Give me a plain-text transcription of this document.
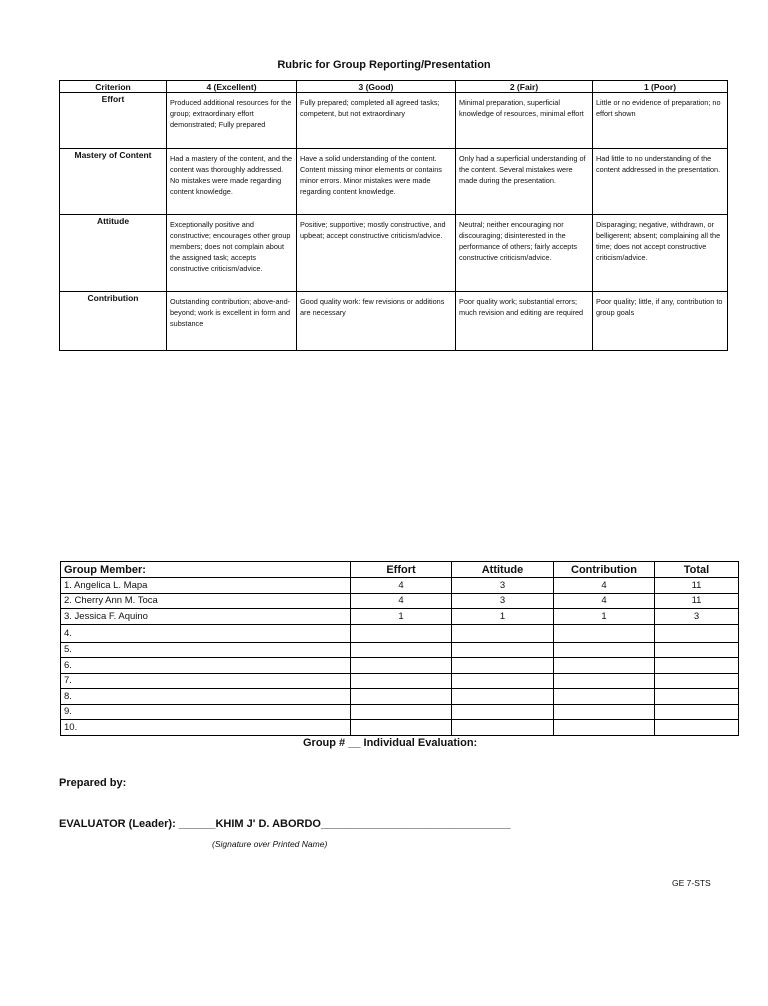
Rubric for Group Reporting/Presentation
Criterion	4 (Excellent)	3 (Good)	2 (Fair)	1 (Poor)
Effort	Produced additional resources for the group; extraordinary effort demonstrated; Fully prepared	Fully prepared; completed all agreed tasks; competent, but not extraordinary	Minimal preparation, superficial knowledge of resources, minimal effort	Little or no evidence of preparation; no effort shown
Mastery of Content	Had a mastery of the content, and the content was thoroughly addressed. No mistakes were made regarding content knowledge.	Have a solid understanding of the content. Content missing minor elements or contains minor errors. Minor mistakes were made regarding content knowledge.	Only had a superficial understanding of the content. Several mistakes were made during the presentation.	Had little to no understanding of the content addressed in the presentation.
Attitude	Exceptionally positive and constructive; encourages other group members; does not complain about the assigned task; accepts constructive criticism/advice.	Positive; supportive; mostly constructive, and upbeat; accept constructive criticism/advice.	Neutral; neither encouraging nor discouraging; disinterested in the performance of others; fairly accepts constructive criticism/advice.	Disparaging; negative, withdrawn, or belligerent; absent; complaining all the time; does not accept constructive criticism/advice.
Contribution	Outstanding contribution; above-and-beyond; work is excellent in form and substance	Good quality work: few revisions or additions are necessary	Poor quality work; substantial errors; much revision and editing are required	Poor quality; little, if any, contribution to group goals
Group Member:	Effort	Attitude	Contribution	Total
1. Angelica L. Mapa	4	3	4	11
2. Cherry Ann M. Toca	4	3	4	11
3. Jessica F. Aquino	1	1	1	3
4.				
5.				
6.				
7.				
8.				
9.				
10.				
Group # __ Individual Evaluation:
Prepared by:
EVALUATOR (Leader): ______KHIM J' D. ABORDO_______________________________
(Signature over Printed Name)
GE 7-STS
